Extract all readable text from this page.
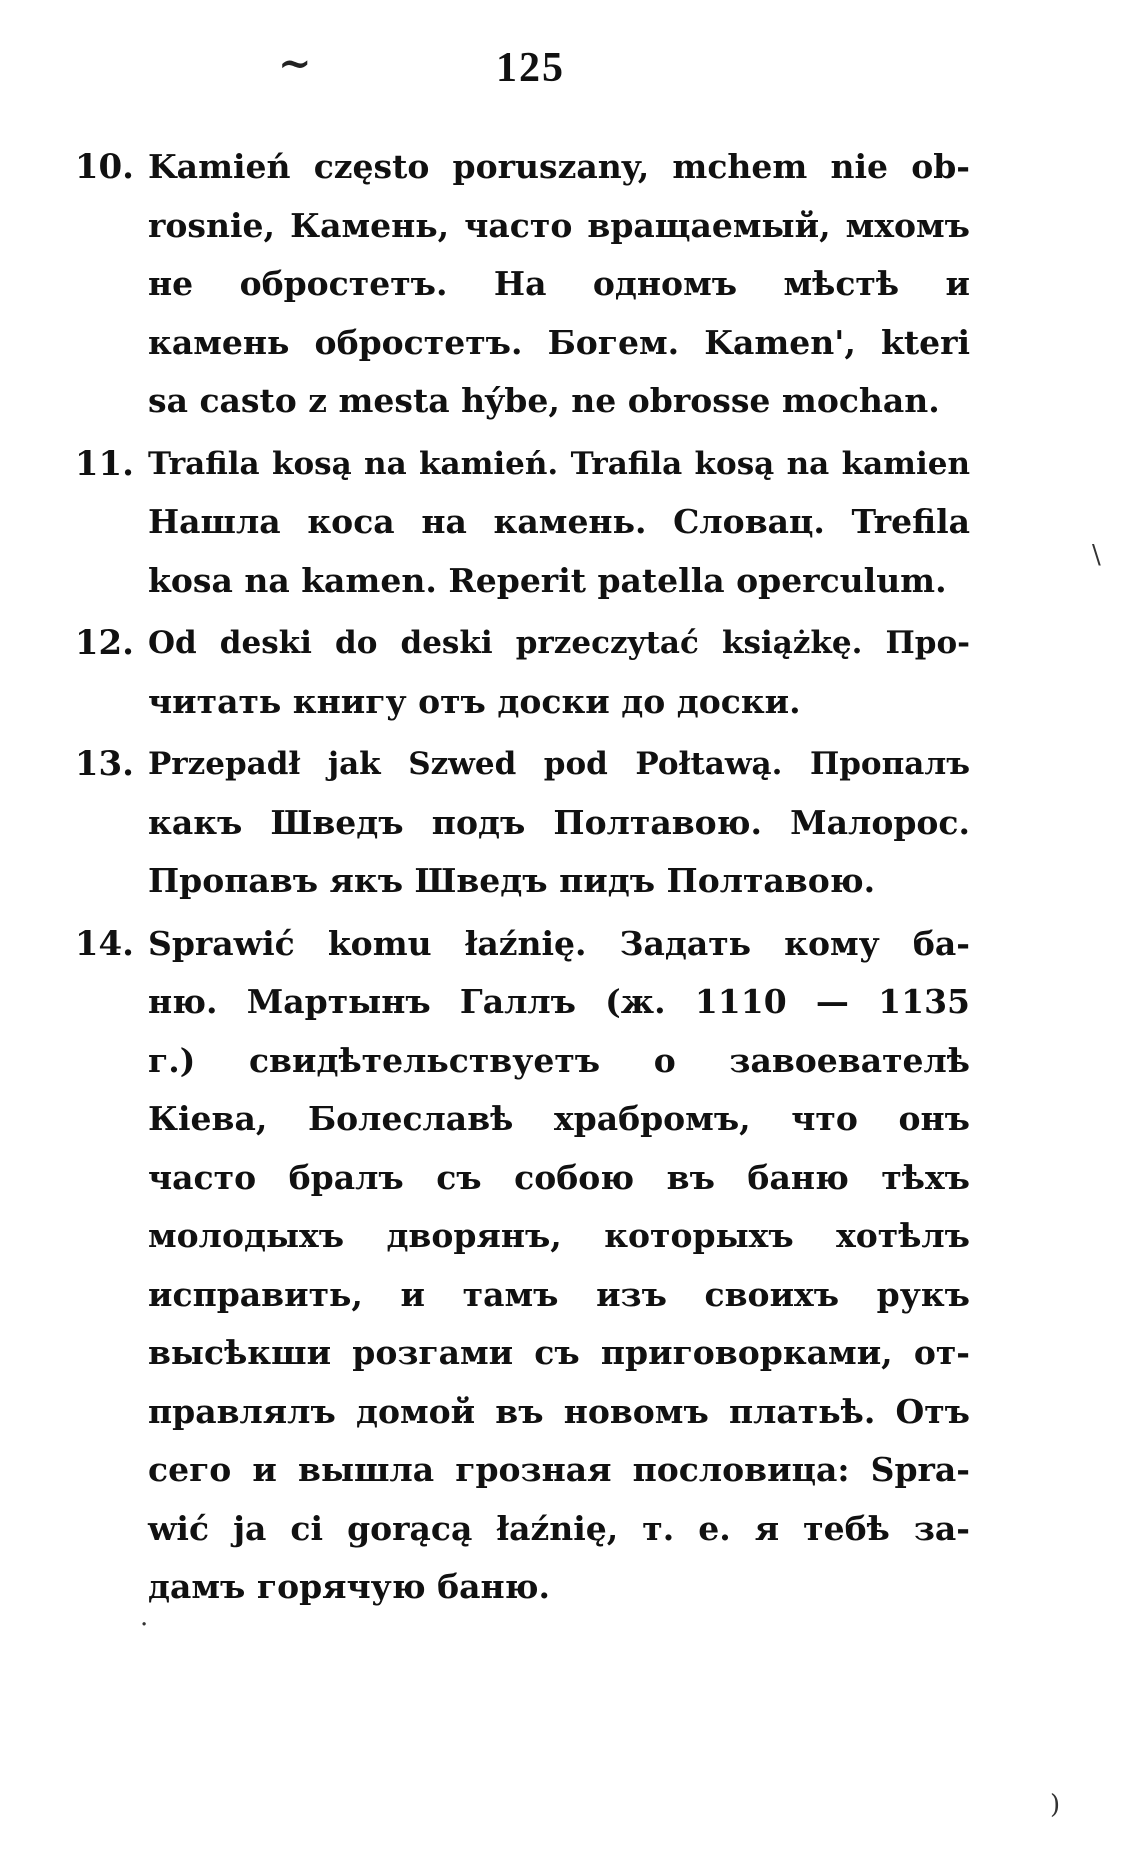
~	125
10. Kamień często poruszany, mchem nie ob-
rosnie, Камень, часто вращаемый, мхомъ
не обростетъ. На одномъ мѣстѣ и
камень обростетъ. Богем. Kamen', kteri
sa casto z mesta hýbe, ne obrosse mochan.
11. Trafila kosą na kamień. Trafila kosą na kamien
Нашла коса на камень. Словац. Trefila
kosa na kamen. Reperit patella operculum.
12. Od deski do deski przeczytać książkę. Про-
читать книгу отъ доски до доски.
13. Przepadł jak Szwed pod Połtawą. Пропалъ
какъ Шведъ подъ Полтавою. Малорос.
Пропавъ якъ Шведъ пидъ Полтавою.
14. Sprawić komu łaźnię. Задать кому ба-
ню. Мартынъ Галлъ (ж. 1110 — 1135
г.) свидѣтельствуетъ о завоевателѣ
Кіева, Болеславѣ храбромъ, что онъ
часто бралъ съ собою въ баню тѣхъ
молодыхъ дворянъ, которыхъ хотѣлъ
исправить, и тамъ изъ своихъ рукъ
высѣкши розгами съ приговорками, от-
правлялъ домой въ новомъ платьѣ. Отъ
сего и вышла грозная пословица: Spra-
wić ja ci gorącą łaźnię, т. е. я тебѣ за-
дамъ горячую баню.
\
)
·
